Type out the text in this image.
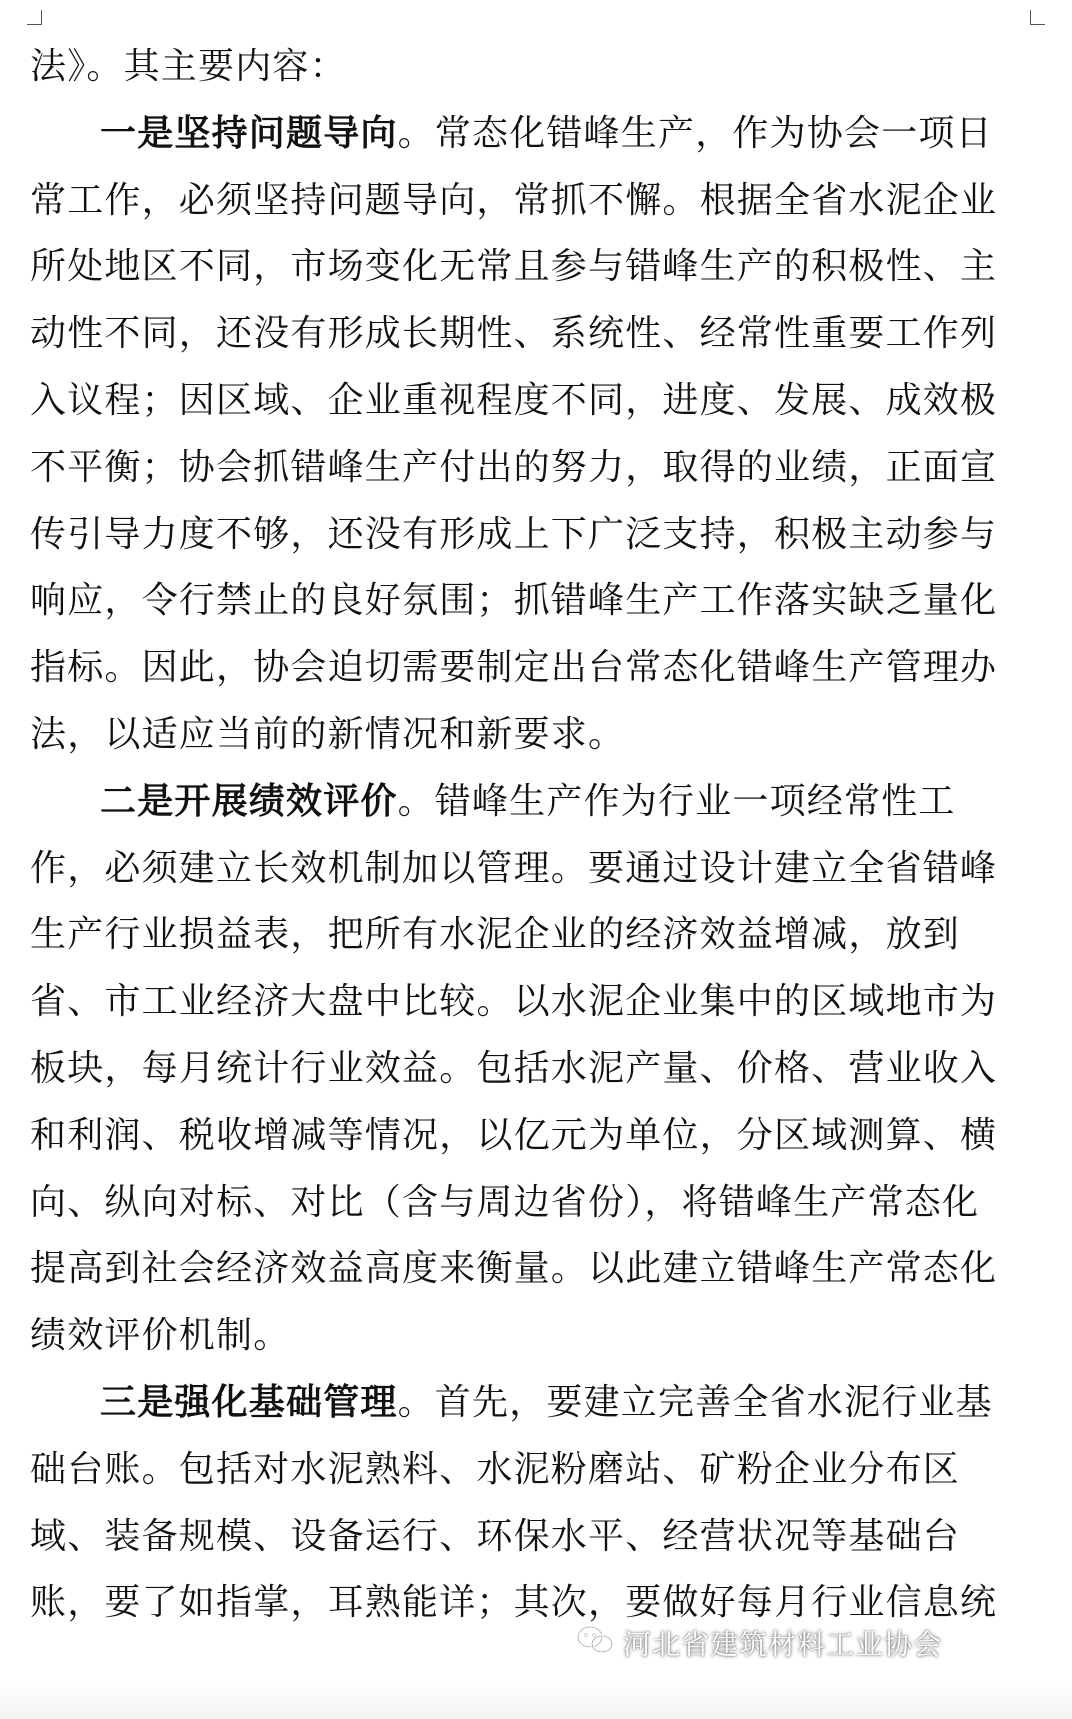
法》。其主要内容：
一是坚持问题导向。常态化错峰生产，作为协会一项日
常工作，必须坚持问题导向，常抓不懈。根据全省水泥企业
所处地区不同，市场变化无常且参与错峰生产的积极性、主
动性不同，还没有形成长期性、系统性、经常性重要工作列
入议程；因区域、企业重视程度不同，进度、发展、成效极
不平衡；协会抓错峰生产付出的努力，取得的业绩，正面宣
传引导力度不够，还没有形成上下广泛支持，积极主动参与
响应，令行禁止的良好氛围；抓错峰生产工作落实缺乏量化
指标。因此，协会迫切需要制定出台常态化错峰生产管理办
法，以适应当前的新情况和新要求。
二是开展绩效评价。错峰生产作为行业一项经常性工
作，必须建立长效机制加以管理。要通过设计建立全省错峰
生产行业损益表，把所有水泥企业的经济效益增减，放到
省、市工业经济大盘中比较。以水泥企业集中的区域地市为
板块，每月统计行业效益。包括水泥产量、价格、营业收入
和利润、税收增减等情况，以亿元为单位，分区域测算、横
向、纵向对标、对比（含与周边省份），将错峰生产常态化
提高到社会经济效益高度来衡量。以此建立错峰生产常态化
绩效评价机制。
三是强化基础管理。首先，要建立完善全省水泥行业基
础台账。包括对水泥熟料、水泥粉磨站、矿粉企业分布区
域、装备规模、设备运行、环保水平、经营状况等基础台
账，要了如指掌，耳熟能详；其次，要做好每月行业信息统
河北省建筑材料工业协会
